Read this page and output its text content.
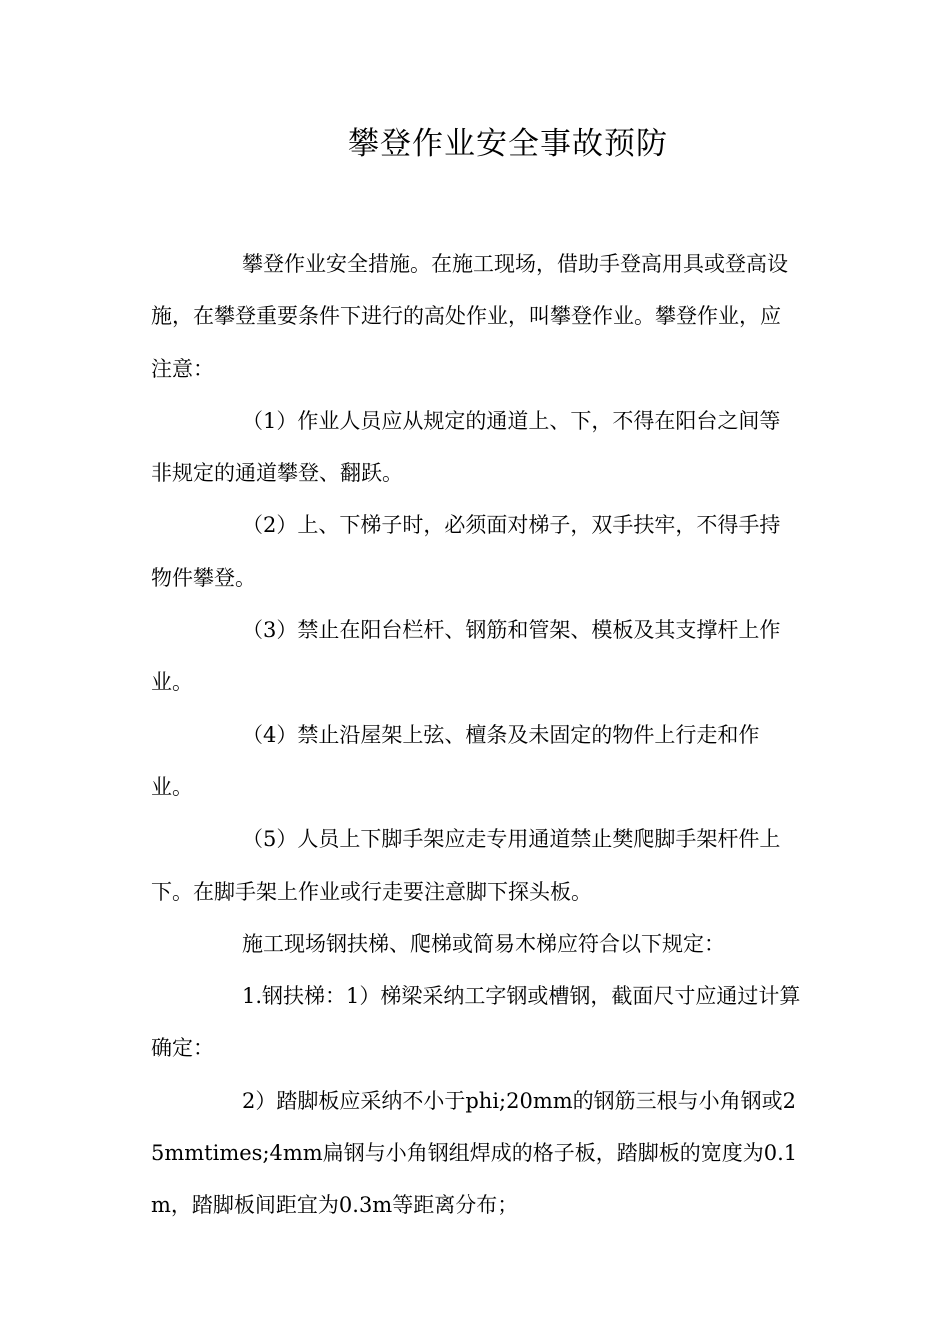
攀登作业安全事故预防

攀登作业安全措施。在施工现场，借助手登高用具或登高设施，在攀登重要条件下进行的高处作业，叫攀登作业。攀登作业，应注意：

（1）作业人员应从规定的通道上、下，不得在阳台之间等非规定的通道攀登、翻跃。

（2）上、下梯子时，必须面对梯子，双手扶牢，不得手持物件攀登。

（3）禁止在阳台栏杆、钢筋和管架、模板及其支撑杆上作业。

（4）禁止沿屋架上弦、檀条及未固定的物件上行走和作业。

（5）人员上下脚手架应走专用通道禁止樊爬脚手架杆件上下。在脚手架上作业或行走要注意脚下探头板。

施工现场钢扶梯、爬梯或简易木梯应符合以下规定：

1.钢扶梯：1）梯梁采纳工字钢或槽钢，截面尺寸应通过计算确定：

2）踏脚板应采纳不小于phi;20mm的钢筋三根与小角钢或25mmtimes;4mm扁钢与小角钢组焊成的格子板，踏脚板的宽度为0.1m，踏脚板间距宜为0.3m等距离分布；
